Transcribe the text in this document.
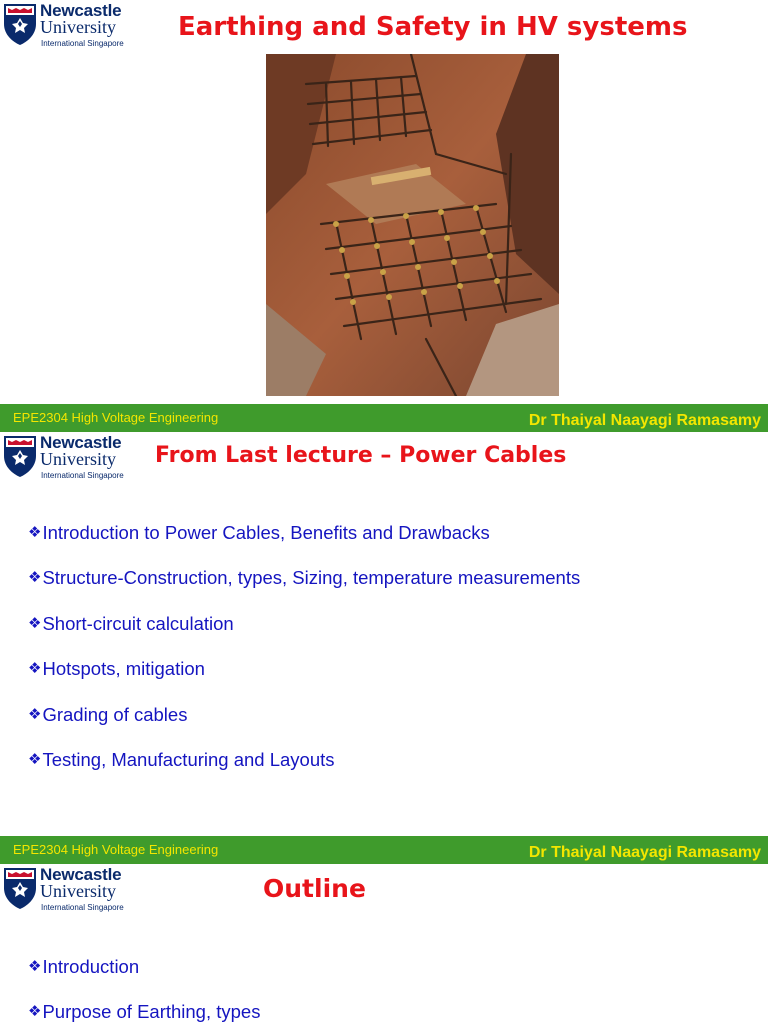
Newcastle
University
International Singapore
Earthing and Safety in HV systems
EPE2304 High Voltage Engineering	Dr Thaiyal Naayagi Ramasamy
Newcastle
University
International Singapore
From Last lecture – Power Cables
❖ Introduction to Power Cables, Benefits and Drawbacks
❖ Structure-Construction, types, Sizing, temperature measurements
❖ Short-circuit calculation
❖ Hotspots, mitigation
❖ Grading of cables
❖ Testing, Manufacturing and Layouts
EPE2304 High Voltage Engineering	Dr Thaiyal Naayagi Ramasamy
Newcastle
University
International Singapore
Outline
❖ Introduction
❖ Purpose of Earthing, types
